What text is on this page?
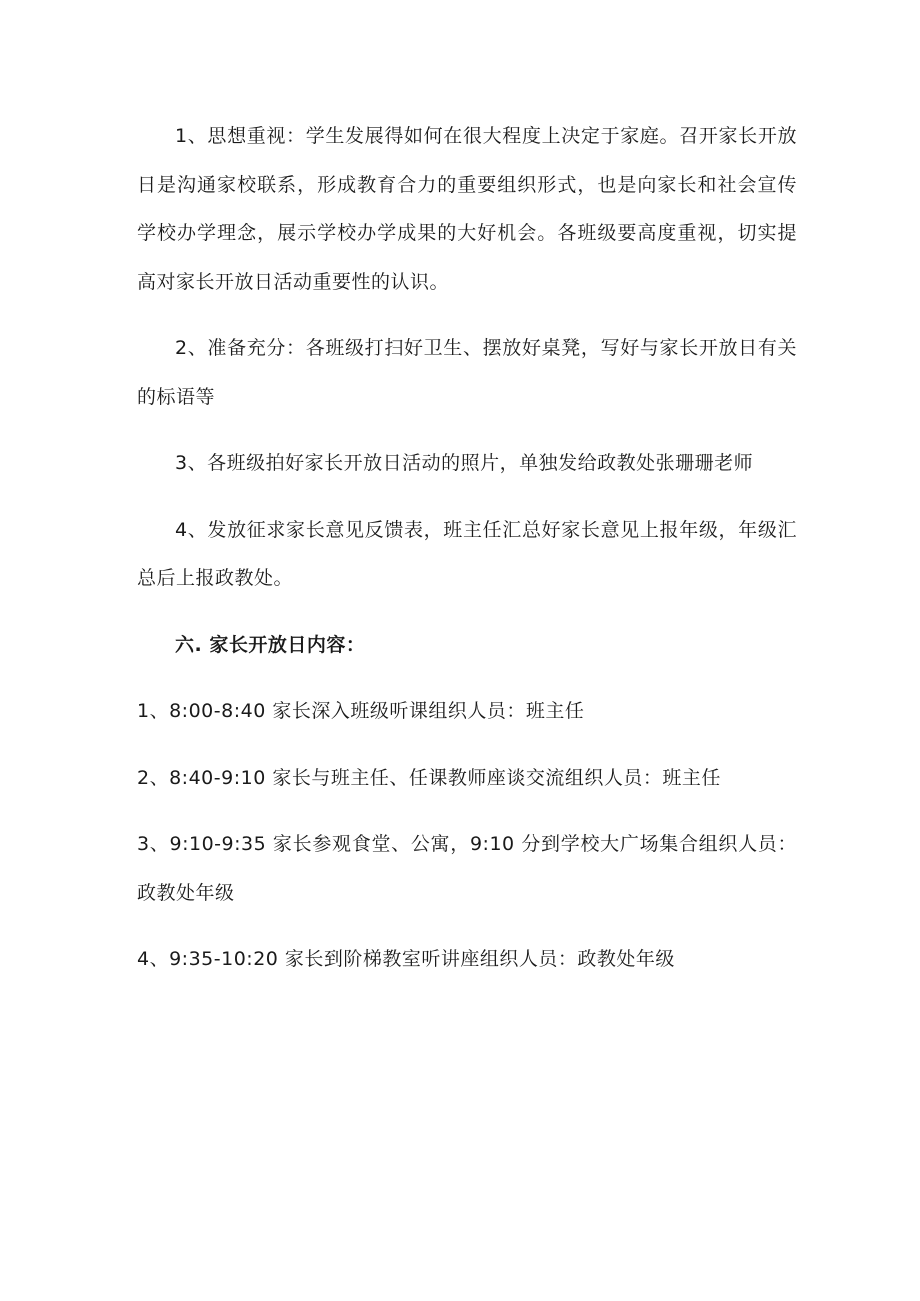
1、思想重视：学生发展得如何在很大程度上决定于家庭。召开家长开放日是沟通家校联系，形成教育合力的重要组织形式，也是向家长和社会宣传学校办学理念，展示学校办学成果的大好机会。各班级要高度重视，切实提高对家长开放日活动重要性的认识。

2、准备充分：各班级打扫好卫生、摆放好桌凳，写好与家长开放日有关的标语等

3、各班级拍好家长开放日活动的照片，单独发给政教处张珊珊老师

4、发放征求家长意见反馈表，班主任汇总好家长意见上报年级，年级汇总后上报政教处。

六. 家长开放日内容：

1、8:00-8:40 家长深入班级听课组织人员：班主任

2、8:40-9:10 家长与班主任、任课教师座谈交流组织人员：班主任

3、9:10-9:35 家长参观食堂、公寓，9:10 分到学校大广场集合组织人员：政教处年级

4、9:35-10:20 家长到阶梯教室听讲座组织人员：政教处年级
